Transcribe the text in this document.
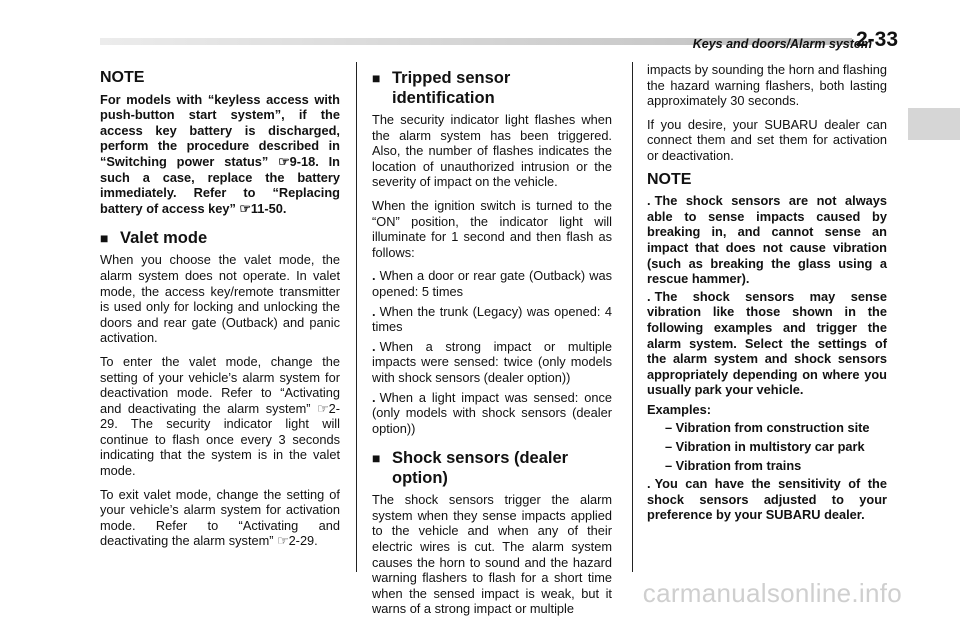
Keys and doors/Alarm system
2-33
NOTE
For models with “keyless access with push-button start system”, if the access key battery is discharged, perform the procedure described in “Switching power status” ☞9-18. In such a case, replace the battery immediately. Refer to “Replacing battery of access key” ☞11-50.
■ Valet mode

When you choose the valet mode, the alarm system does not operate. In valet mode, the access key/remote transmitter is used only for locking and unlocking the doors and rear gate (Outback) and panic activation.

To enter the valet mode, change the setting of your vehicle’s alarm system for deactivation mode. Refer to “Activating and deactivating the alarm system” ☞2-29. The security indicator light will continue to flash once every 3 seconds indicating that the system is in the valet mode.

To exit valet mode, change the setting of your vehicle’s alarm system for activation mode. Refer to “Activating and deactivating the alarm system” ☞2-29.

■ Tripped sensor identification

The security indicator light flashes when the alarm system has been triggered. Also, the number of flashes indicates the location of unauthorized intrusion or the severity of impact on the vehicle.

When the ignition switch is turned to the “ON” position, the indicator light will illuminate for 1 second and then flash as follows:

. When a door or rear gate (Outback) was opened: 5 times
. When the trunk (Legacy) was opened: 4 times
. When a strong impact or multiple impacts were sensed: twice (only models with shock sensors (dealer option))
. When a light impact was sensed: once (only models with shock sensors (dealer option))
■ Shock sensors (dealer option)

The shock sensors trigger the alarm system when they sense impacts applied to the vehicle and when any of their electric wires is cut. The alarm system causes the horn to sound and the hazard warning flashers to flash for a short time when the sensed impact is weak, but it warns of a strong impact or multiple

impacts by sounding the horn and flashing the hazard warning flashers, both lasting approximately 30 seconds.

If you desire, your SUBARU dealer can connect them and set them for activation or deactivation.

NOTE
. The shock sensors are not always able to sense impacts caused by breaking in, and cannot sense an impact that does not cause vibration (such as breaking the glass using a rescue hammer).
. The shock sensors may sense vibration like those shown in the following examples and trigger the alarm system. Select the settings of the alarm system and shock sensors appropriately depending on where you usually park your vehicle.
Examples:
– Vibration from construction site
– Vibration in multistory car park
– Vibration from trains
. You can have the sensitivity of the shock sensors adjusted to your preference by your SUBARU dealer.
carmanualsonline.info
